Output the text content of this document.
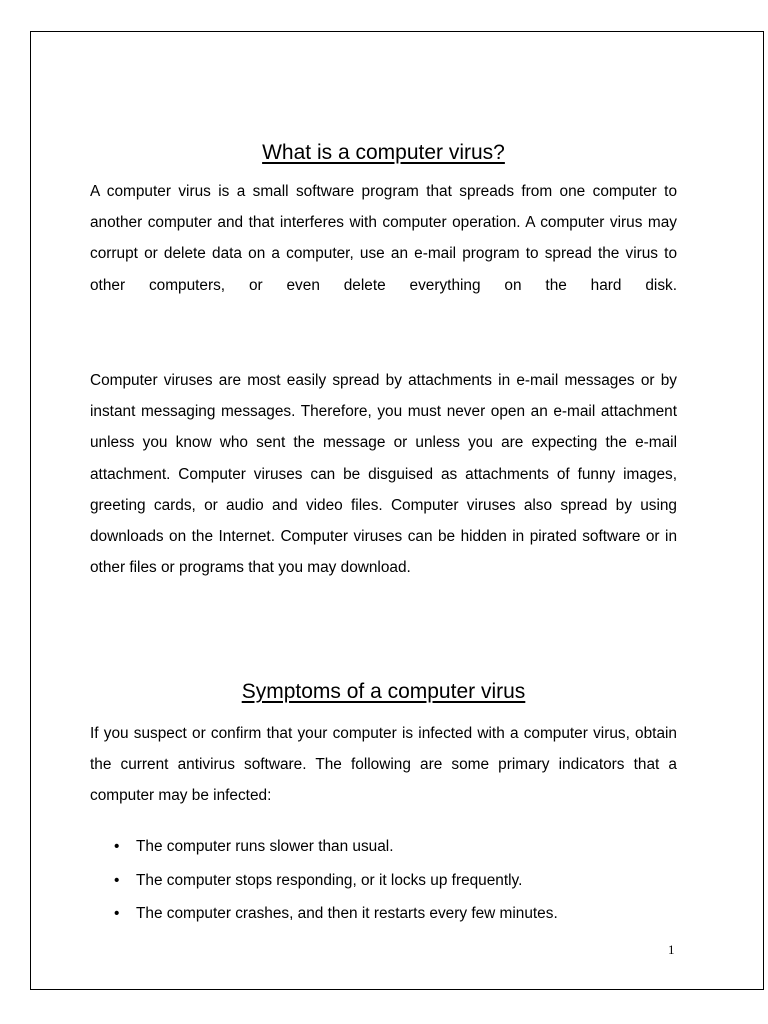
What is a computer virus?

A computer virus is a small software program that spreads from one computer to another computer and that interferes with computer operation. A computer virus may corrupt or delete data on a computer, use an e-mail program to spread the virus to other computers, or even delete everything on the hard disk.

Computer viruses are most easily spread by attachments in e-mail messages or by instant messaging messages. Therefore, you must never open an e-mail attachment unless you know who sent the message or unless you are expecting the e-mail attachment. Computer viruses can be disguised as attachments of funny images, greeting cards, or audio and video files. Computer viruses also spread by using downloads on the Internet. Computer viruses can be hidden in pirated software or in other files or programs that you may download.

Symptoms of a computer virus

If you suspect or confirm that your computer is infected with a computer virus, obtain the current antivirus software. The following are some primary indicators that a computer may be infected:

• The computer runs slower than usual.
• The computer stops responding, or it locks up frequently.
• The computer crashes, and then it restarts every few minutes.
1
